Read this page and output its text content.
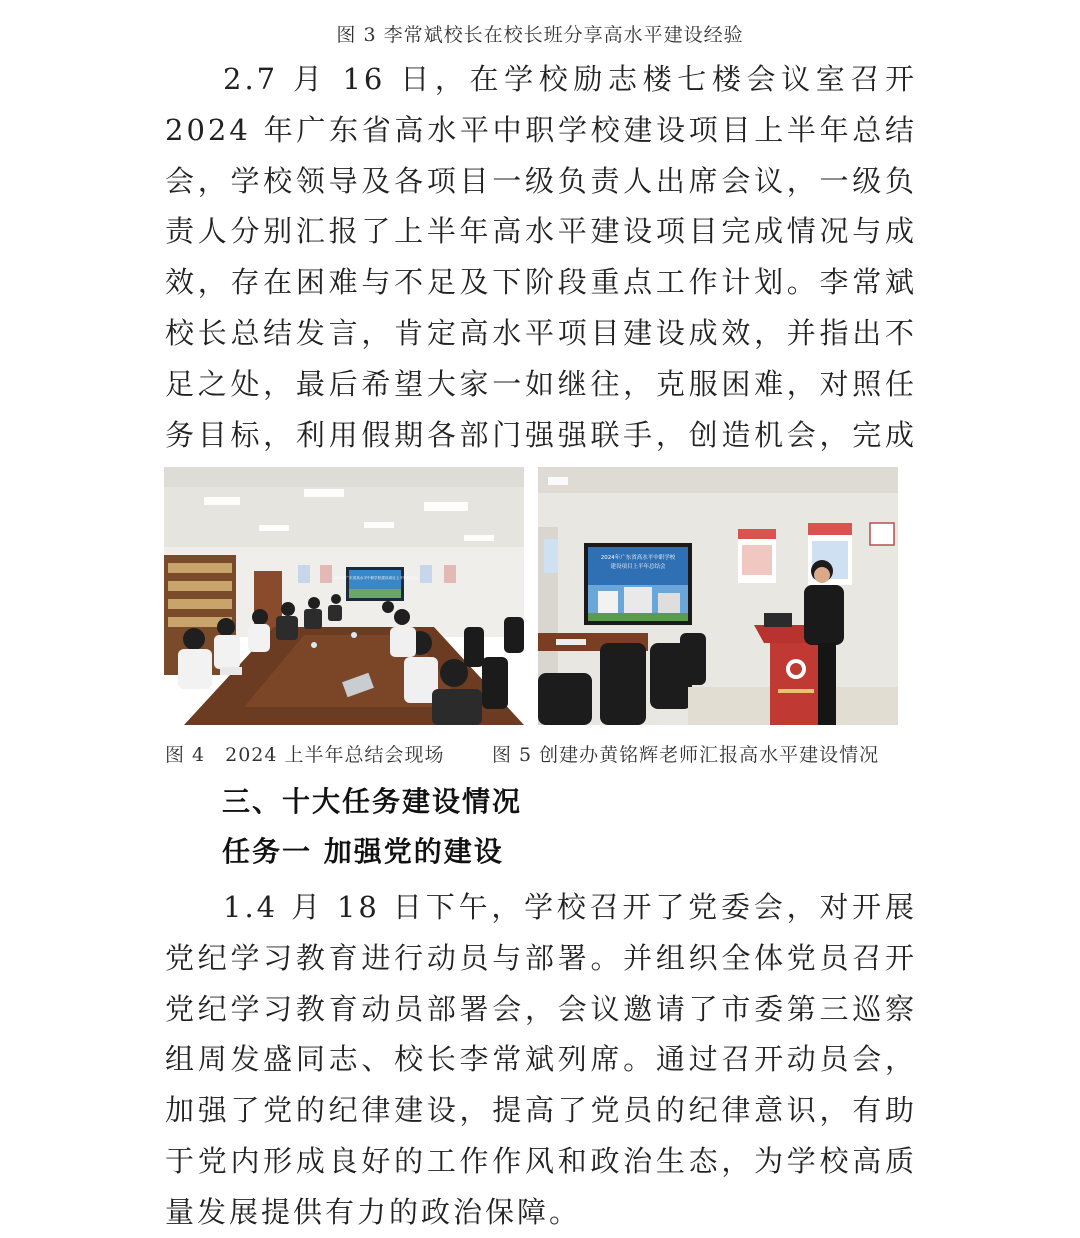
图 3 李常斌校长在校长班分享高水平建设经验

2.7 月 16 日，在学校励志楼七楼会议室召开 2024 年广东省高水平中职学校建设项目上半年总结会，学校领导及各项目一级负责人出席会议，一级负责人分别汇报了上半年高水平建设项目完成情况与成效，存在困难与不足及下阶段重点工作计划。李常斌校长总结发言，肯定高水平项目建设成效，并指出不足之处，最后希望大家一如继往，克服困难，对照任务目标，利用假期各部门强强联手，创造机会，完成

2024年广东省高水平中职学校建设项目上半年总结会
2024年广东省高水平中职学校
建设项目上半年总结会
图 4　2024 上半年总结会现场 图 5 创建办黄铭辉老师汇报高水平建设情况
三、十大任务建设情况
任务一 加强党的建设

1.4 月 18 日下午，学校召开了党委会，对开展党纪学习教育进行动员与部署。并组织全体党员召开党纪学习教育动员部署会，会议邀请了市委第三巡察组周发盛同志、校长李常斌列席。通过召开动员会，加强了党的纪律建设，提高了党员的纪律意识，有助于党内形成良好的工作作风和政治生态，为学校高质量发展提供有力的政治保障。
